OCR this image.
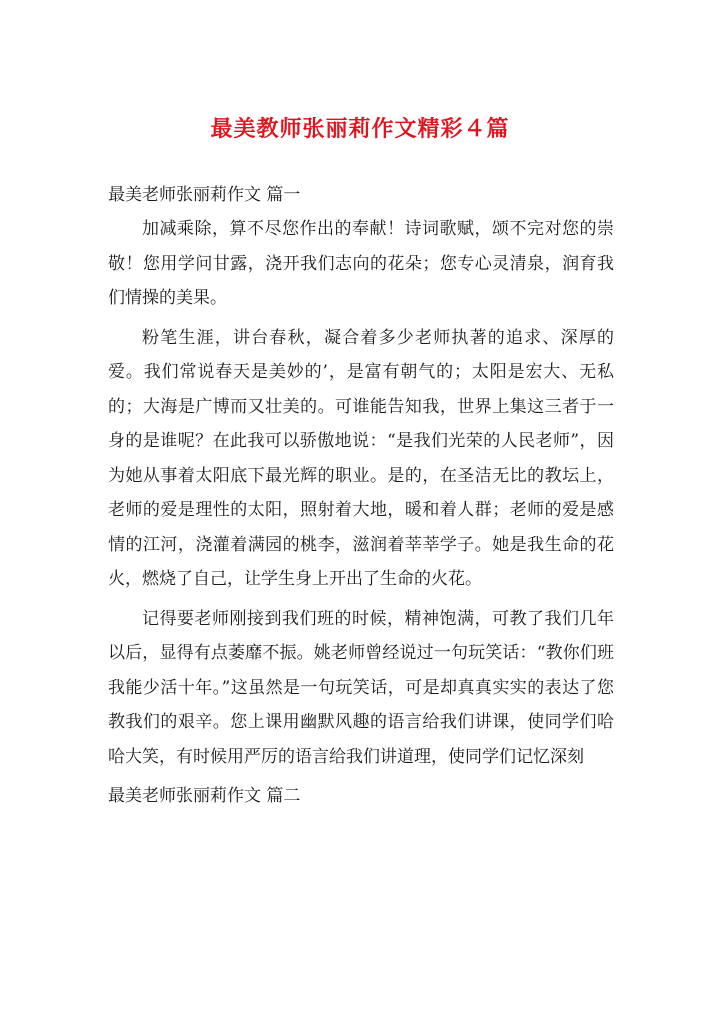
最美教师张丽莉作文精彩４篇

最美老师张丽莉作文 篇一

加减乘除，算不尽您作出的奉献！诗词歌赋，颂不完对您的崇敬！您用学问甘露，浇开我们志向的花朵；您专心灵清泉，润育我们情操的美果。

粉笔生涯，讲台春秋，凝合着多少老师执著的追求、深厚的爱。我们常说春天是美妙的’，是富有朝气的；太阳是宏大、无私的；大海是广博而又壮美的。可谁能告知我，世界上集这三者于一身的是谁呢？在此我可以骄傲地说：“是我们光荣的人民老师”，因为她从事着太阳底下最光辉的职业。是的，在圣洁无比的教坛上，老师的爱是理性的太阳，照射着大地，暖和着人群；老师的爱是感情的江河，浇灌着满园的桃李，滋润着莘莘学子。她是我生命的花火，燃烧了自己，让学生身上开出了生命的火花。

记得要老师刚接到我们班的时候，精神饱满，可教了我们几年以后，显得有点萎靡不振。姚老师曾经说过一句玩笑话：“教你们班我能少活十年。”这虽然是一句玩笑话，可是却真真实实的表达了您教我们的艰辛。您上课用幽默风趣的语言给我们讲课，使同学们哈哈大笑，有时候用严厉的语言给我们讲道理，使同学们记忆深刻

最美老师张丽莉作文 篇二
